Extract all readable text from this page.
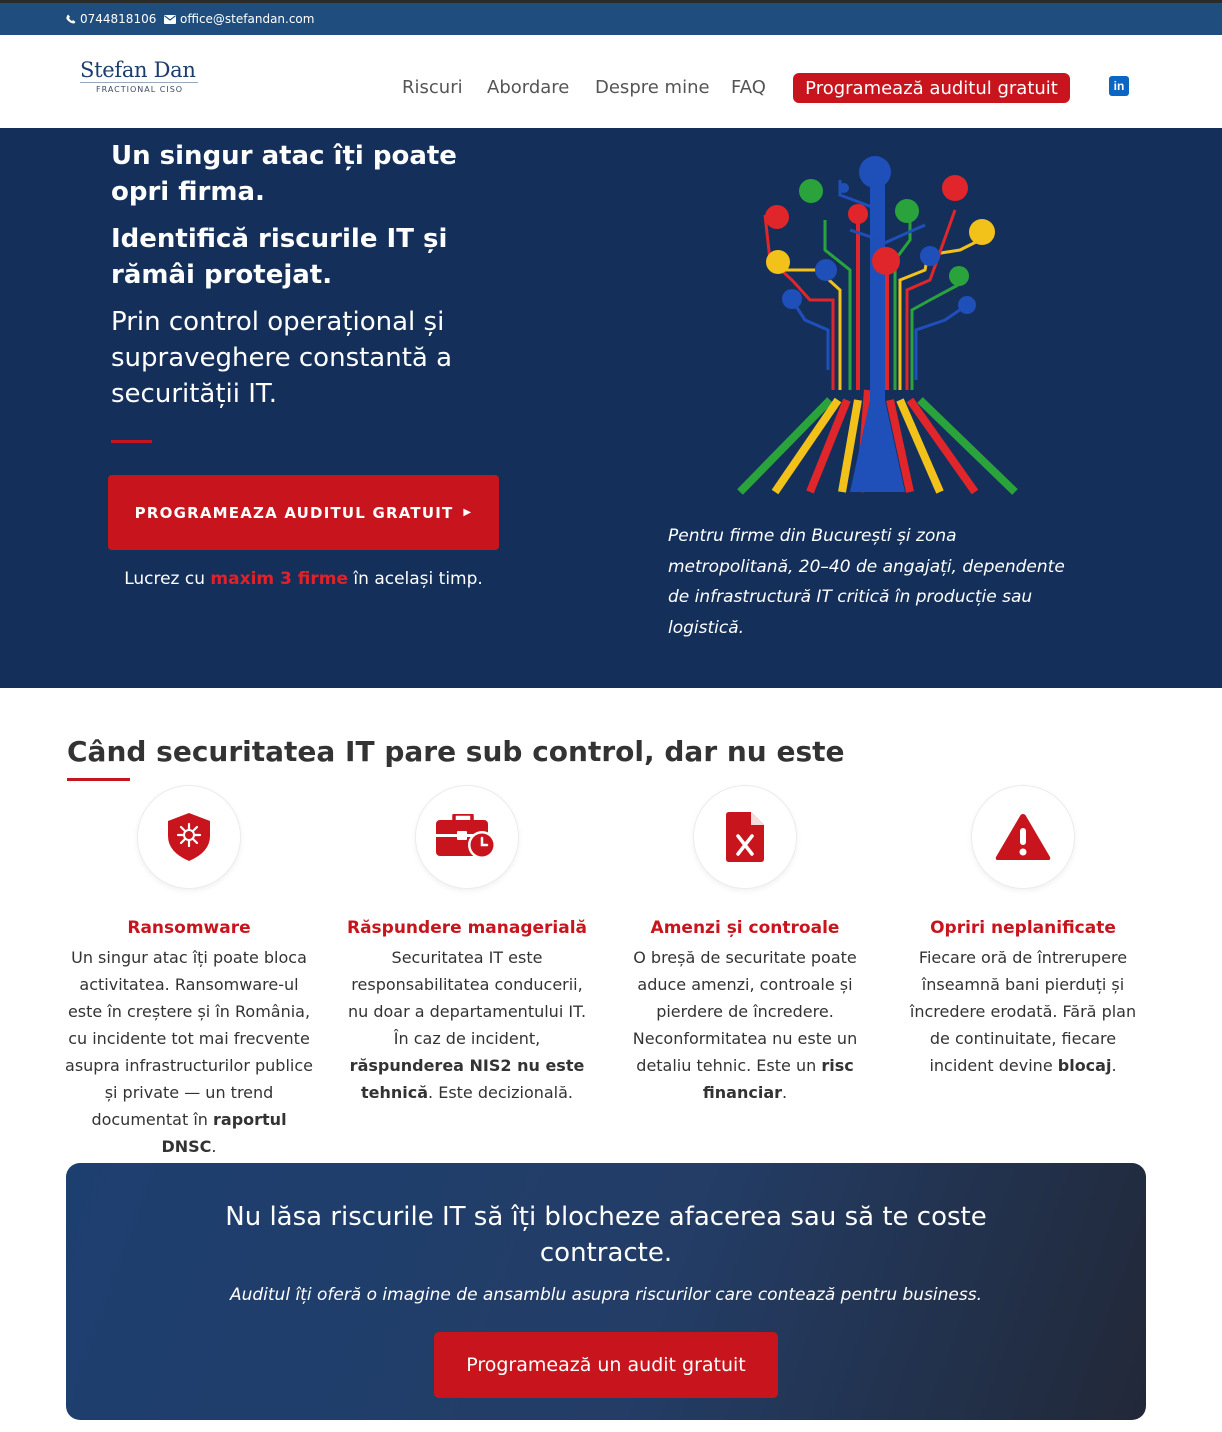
0744818106 office@stefandan.com
Stefan Dan
FRACTIONAL CISO	Riscuri Abordare Despre mine FAQ	Programează auditul gratuit	in
Un singur atac îți poate opri firma.
Identifică riscurile IT și rămâi protejat.
Prin control operațional și supraveghere constantă a securității IT.
PROGRAMEAZA AUDITUL GRATUIT ▶
Lucrez cu maxim 3 firme în același timp.
Pentru firme din București și zona metropolitană, 20–40 de angajați, dependente de infrastructură IT critică în producție sau logistică.
Când securitatea IT pare sub control, dar nu este
Ransomware

Un singur atac îți poate bloca activitatea. Ransomware-ul este în creștere și în România, cu incidente tot mai frecvente asupra infrastructurilor publice și private — un trend documentat în raportul DNSC.

Răspundere managerială

Securitatea IT este responsabilitatea conducerii, nu doar a departamentului IT. În caz de incident, răspunderea NIS2 nu este tehnică. Este decizională.

Amenzi și controale

O breșă de securitate poate aduce amenzi, controale și pierdere de încredere. Neconformitatea nu este un detaliu tehnic. Este un risc financiar.

Opriri neplanificate

Fiecare oră de întrerupere înseamnă bani pierduți și încredere erodată. Fără plan de continuitate, fiecare incident devine blocaj.

Nu lăsa riscurile IT să îți blocheze afacerea sau să te coste contracte.
Auditul îți oferă o imagine de ansamblu asupra riscurilor care contează pentru business.
Programează un audit gratuit
